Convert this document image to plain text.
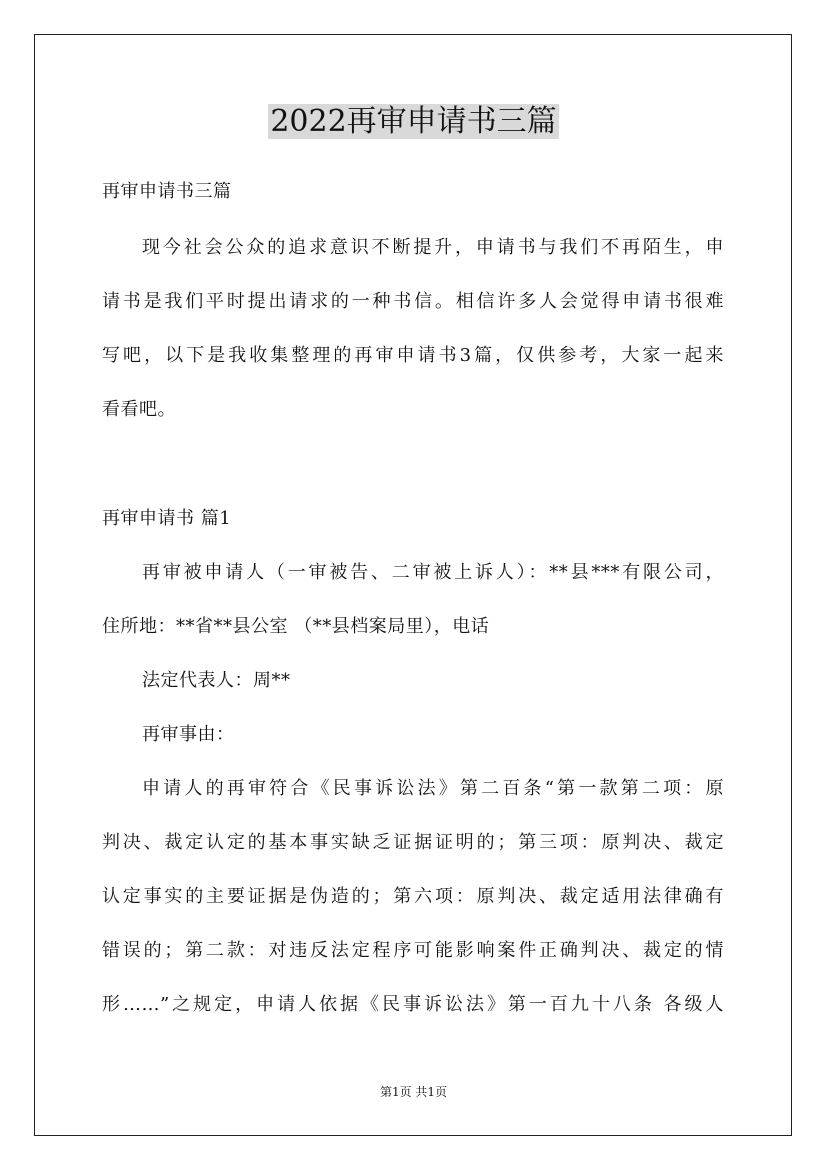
2022再审申请书三篇
再审申请书三篇
现今社会公众的追求意识不断提升，申请书与我们不再陌生，申
请书是我们平时提出请求的一种书信。相信许多人会觉得申请书很难
写吧，以下是我收集整理的再审申请书3篇，仅供参考，大家一起来
看看吧。
再审申请书 篇1
再审被申请人（一审被告、二审被上诉人）：**县***有限公司，
住所地：**省**县公室 （**县档案局里），电话
法定代表人：周**
再审事由：
申请人的再审符合《民事诉讼法》第二百条“第一款第二项：原
判决、裁定认定的基本事实缺乏证据证明的；第三项：原判决、裁定
认定事实的主要证据是伪造的；第六项：原判决、裁定适用法律确有
错误的；第二款：对违反法定程序可能影响案件正确判决、裁定的情
形……”之规定，申请人依据《民事诉讼法》第一百九十八条 各级人
第1页 共1页
